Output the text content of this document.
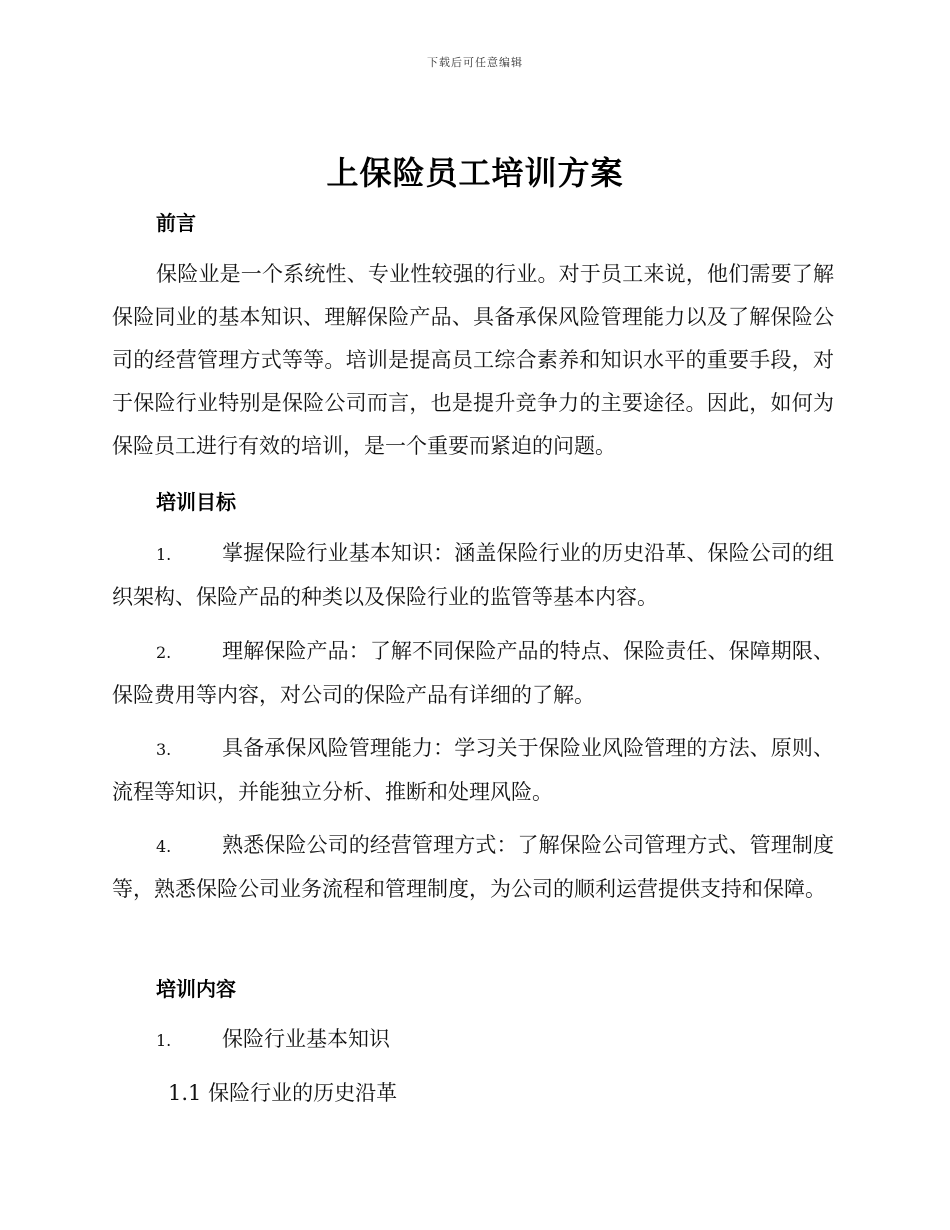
下载后可任意编辑
上保险员工培训方案
前言

保险业是一个系统性、专业性较强的行业。对于员工来说，他们需要了解保险同业的基本知识、理解保险产品、具备承保风险管理能力以及了解保险公司的经营管理方式等等。培训是提高员工综合素养和知识水平的重要手段，对于保险行业特别是保险公司而言，也是提升竞争力的主要途径。因此，如何为保险员工进行有效的培训，是一个重要而紧迫的问题。

培训目标

1. 掌握保险行业基本知识：涵盖保险行业的历史沿革、保险公司的组织架构、保险产品的种类以及保险行业的监管等基本内容。

2. 理解保险产品：了解不同保险产品的特点、保险责任、保障期限、保险费用等内容，对公司的保险产品有详细的了解。

3. 具备承保风险管理能力：学习关于保险业风险管理的方法、原则、流程等知识，并能独立分析、推断和处理风险。

4. 熟悉保险公司的经营管理方式：了解保险公司管理方式、管理制度等，熟悉保险公司业务流程和管理制度，为公司的顺利运营提供支持和保障。

培训内容

1. 保险行业基本知识

1.1 保险行业的历史沿革
